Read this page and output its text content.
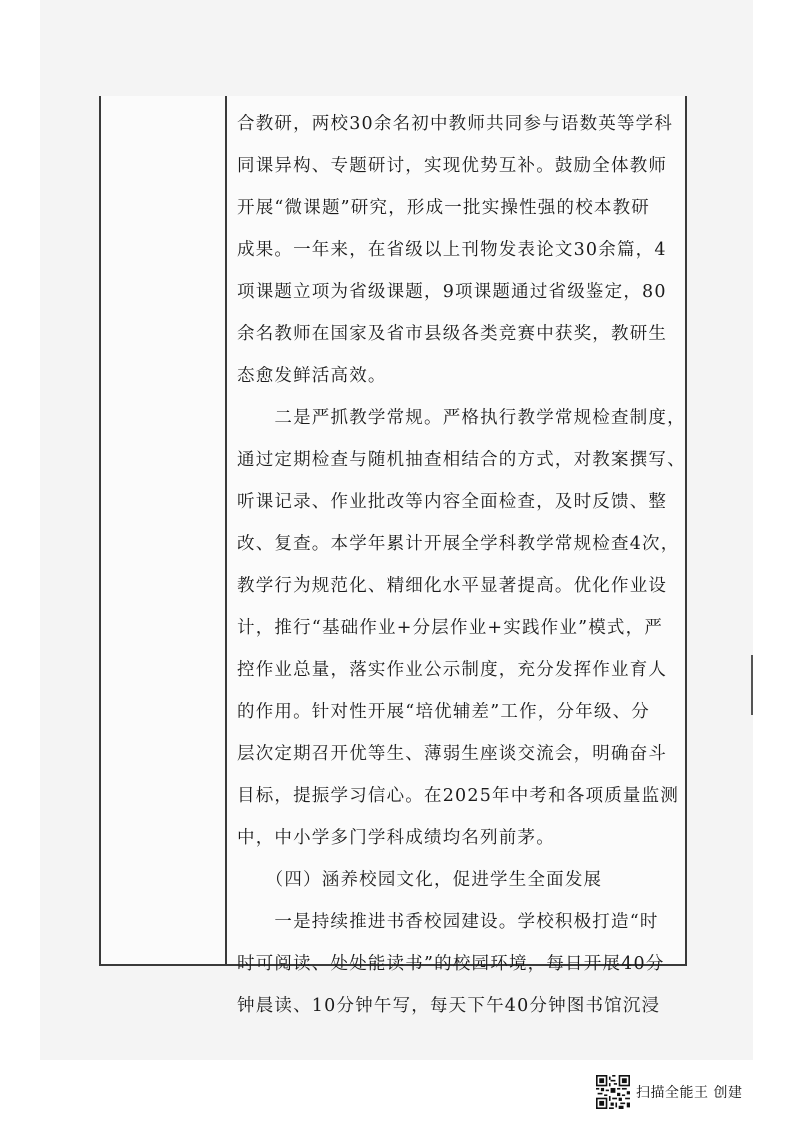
合教研，两校30余名初中教师共同参与语数英等学科
同课异构、专题研讨，实现优势互补。鼓励全体教师
开展“微课题”研究，形成一批实操性强的校本教研
成果。一年来，在省级以上刊物发表论文30余篇，4
项课题立项为省级课题，9项课题通过省级鉴定，80
余名教师在国家及省市县级各类竞赛中获奖，教研生
态愈发鲜活高效。
　　二是严抓教学常规。严格执行教学常规检查制度，
通过定期检查与随机抽查相结合的方式，对教案撰写、
听课记录、作业批改等内容全面检查，及时反馈、整
改、复查。本学年累计开展全学科教学常规检查4次，
教学行为规范化、精细化水平显著提高。优化作业设
计，推行“基础作业+分层作业+实践作业”模式，严
控作业总量，落实作业公示制度，充分发挥作业育人
的作用。针对性开展“培优辅差”工作，分年级、分
层次定期召开优等生、薄弱生座谈交流会，明确奋斗
目标，提振学习信心。在2025年中考和各项质量监测
中，中小学多门学科成绩均名列前茅。
　　（四）涵养校园文化，促进学生全面发展
　　一是持续推进书香校园建设。学校积极打造“时
时可阅读、处处能读书”的校园环境，每日开展40分
钟晨读、10分钟午写，每天下午40分钟图书馆沉浸
扫描全能王 创建
